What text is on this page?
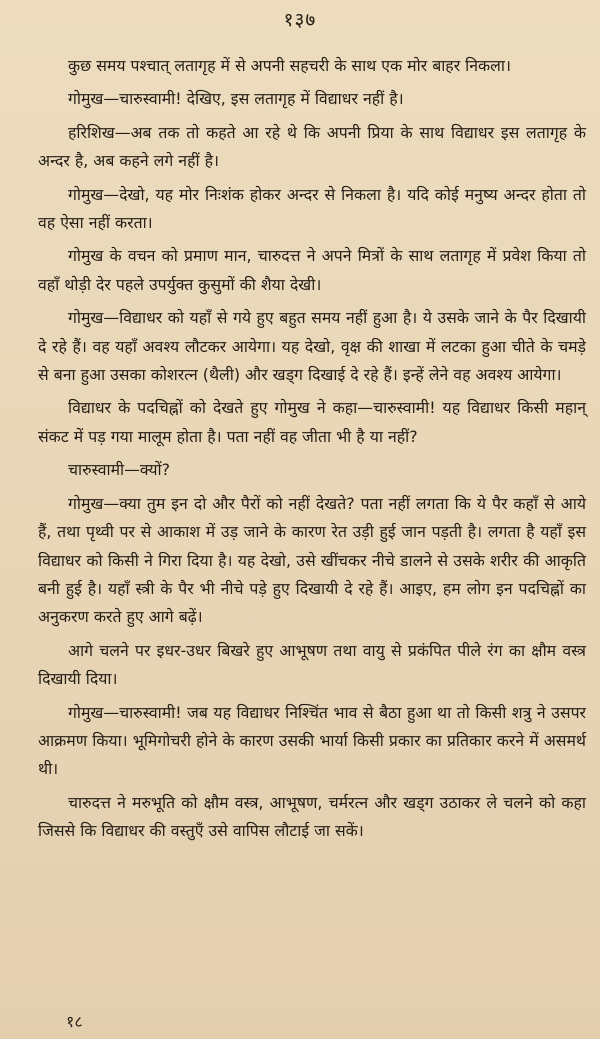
१३७

कुछ समय पश्चात् लतागृह में से अपनी सहचरी के साथ एक मोर बाहर निकला।

गोमुख—चारुस्वामी! देखिए, इस लतागृह में विद्याधर नहीं है।

हरिशिख—अब तक तो कहते आ रहे थे कि अपनी प्रिया के साथ विद्याधर इस लतागृह के अन्दर है, अब कहने लगे नहीं है।

गोमुख—देखो, यह मोर निःशंक होकर अन्दर से निकला है। यदि कोई मनुष्य अन्दर होता तो वह ऐसा नहीं करता।

गोमुख के वचन को प्रमाण मान, चारुदत्त ने अपने मित्रों के साथ लतागृह में प्रवेश किया तो वहाँ थोड़ी देर पहले उपर्युक्त कुसुमों की शैया देखी।

गोमुख—विद्याधर को यहाँ से गये हुए बहुत समय नहीं हुआ है। ये उसके जाने के पैर दिखायी दे रहे हैं। वह यहाँ अवश्य लौटकर आयेगा। यह देखो, वृक्ष की शाखा में लटका हुआ चीते के चमड़े से बना हुआ उसका कोशरत्न (थैली) और खड्ग दिखाई दे रहे हैं। इन्हें लेने वह अवश्य आयेगा।

विद्याधर के पदचिह्नों को देखते हुए गोमुख ने कहा—चारुस्वामी! यह विद्याधर किसी महान् संकट में पड़ गया मालूम होता है। पता नहीं वह जीता भी है या नहीं?

चारुस्वामी—क्यों?

गोमुख—क्या तुम इन दो और पैरों को नहीं देखते? पता नहीं लगता कि ये पैर कहाँ से आये हैं, तथा पृथ्वी पर से आकाश में उड़ जाने के कारण रेत उड़ी हुई जान पड़ती है। लगता है यहाँ इस विद्याधर को किसी ने गिरा दिया है। यह देखो, उसे खींचकर नीचे डालने से उसके शरीर की आकृति बनी हुई है। यहाँ स्त्री के पैर भी नीचे पड़े हुए दिखायी दे रहे हैं। आइए, हम लोग इन पदचिह्नों का अनुकरण करते हुए आगे बढ़ें।

आगे चलने पर इधर-उधर बिखरे हुए आभूषण तथा वायु से प्रकंपित पीले रंग का क्षौम वस्त्र दिखायी दिया।

गोमुख—चारुस्वामी! जब यह विद्याधर निश्चिंत भाव से बैठा हुआ था तो किसी शत्रु ने उसपर आक्रमण किया। भूमिगोचरी होने के कारण उसकी भार्या किसी प्रकार का प्रतिकार करने में असमर्थ थी।

चारुदत्त ने मरुभूति को क्षौम वस्त्र, आभूषण, चर्मरत्न और खड्ग उठाकर ले चलने को कहा जिससे कि विद्याधर की वस्तुएँ उसे वापिस लौटाई जा सकें।

१८
